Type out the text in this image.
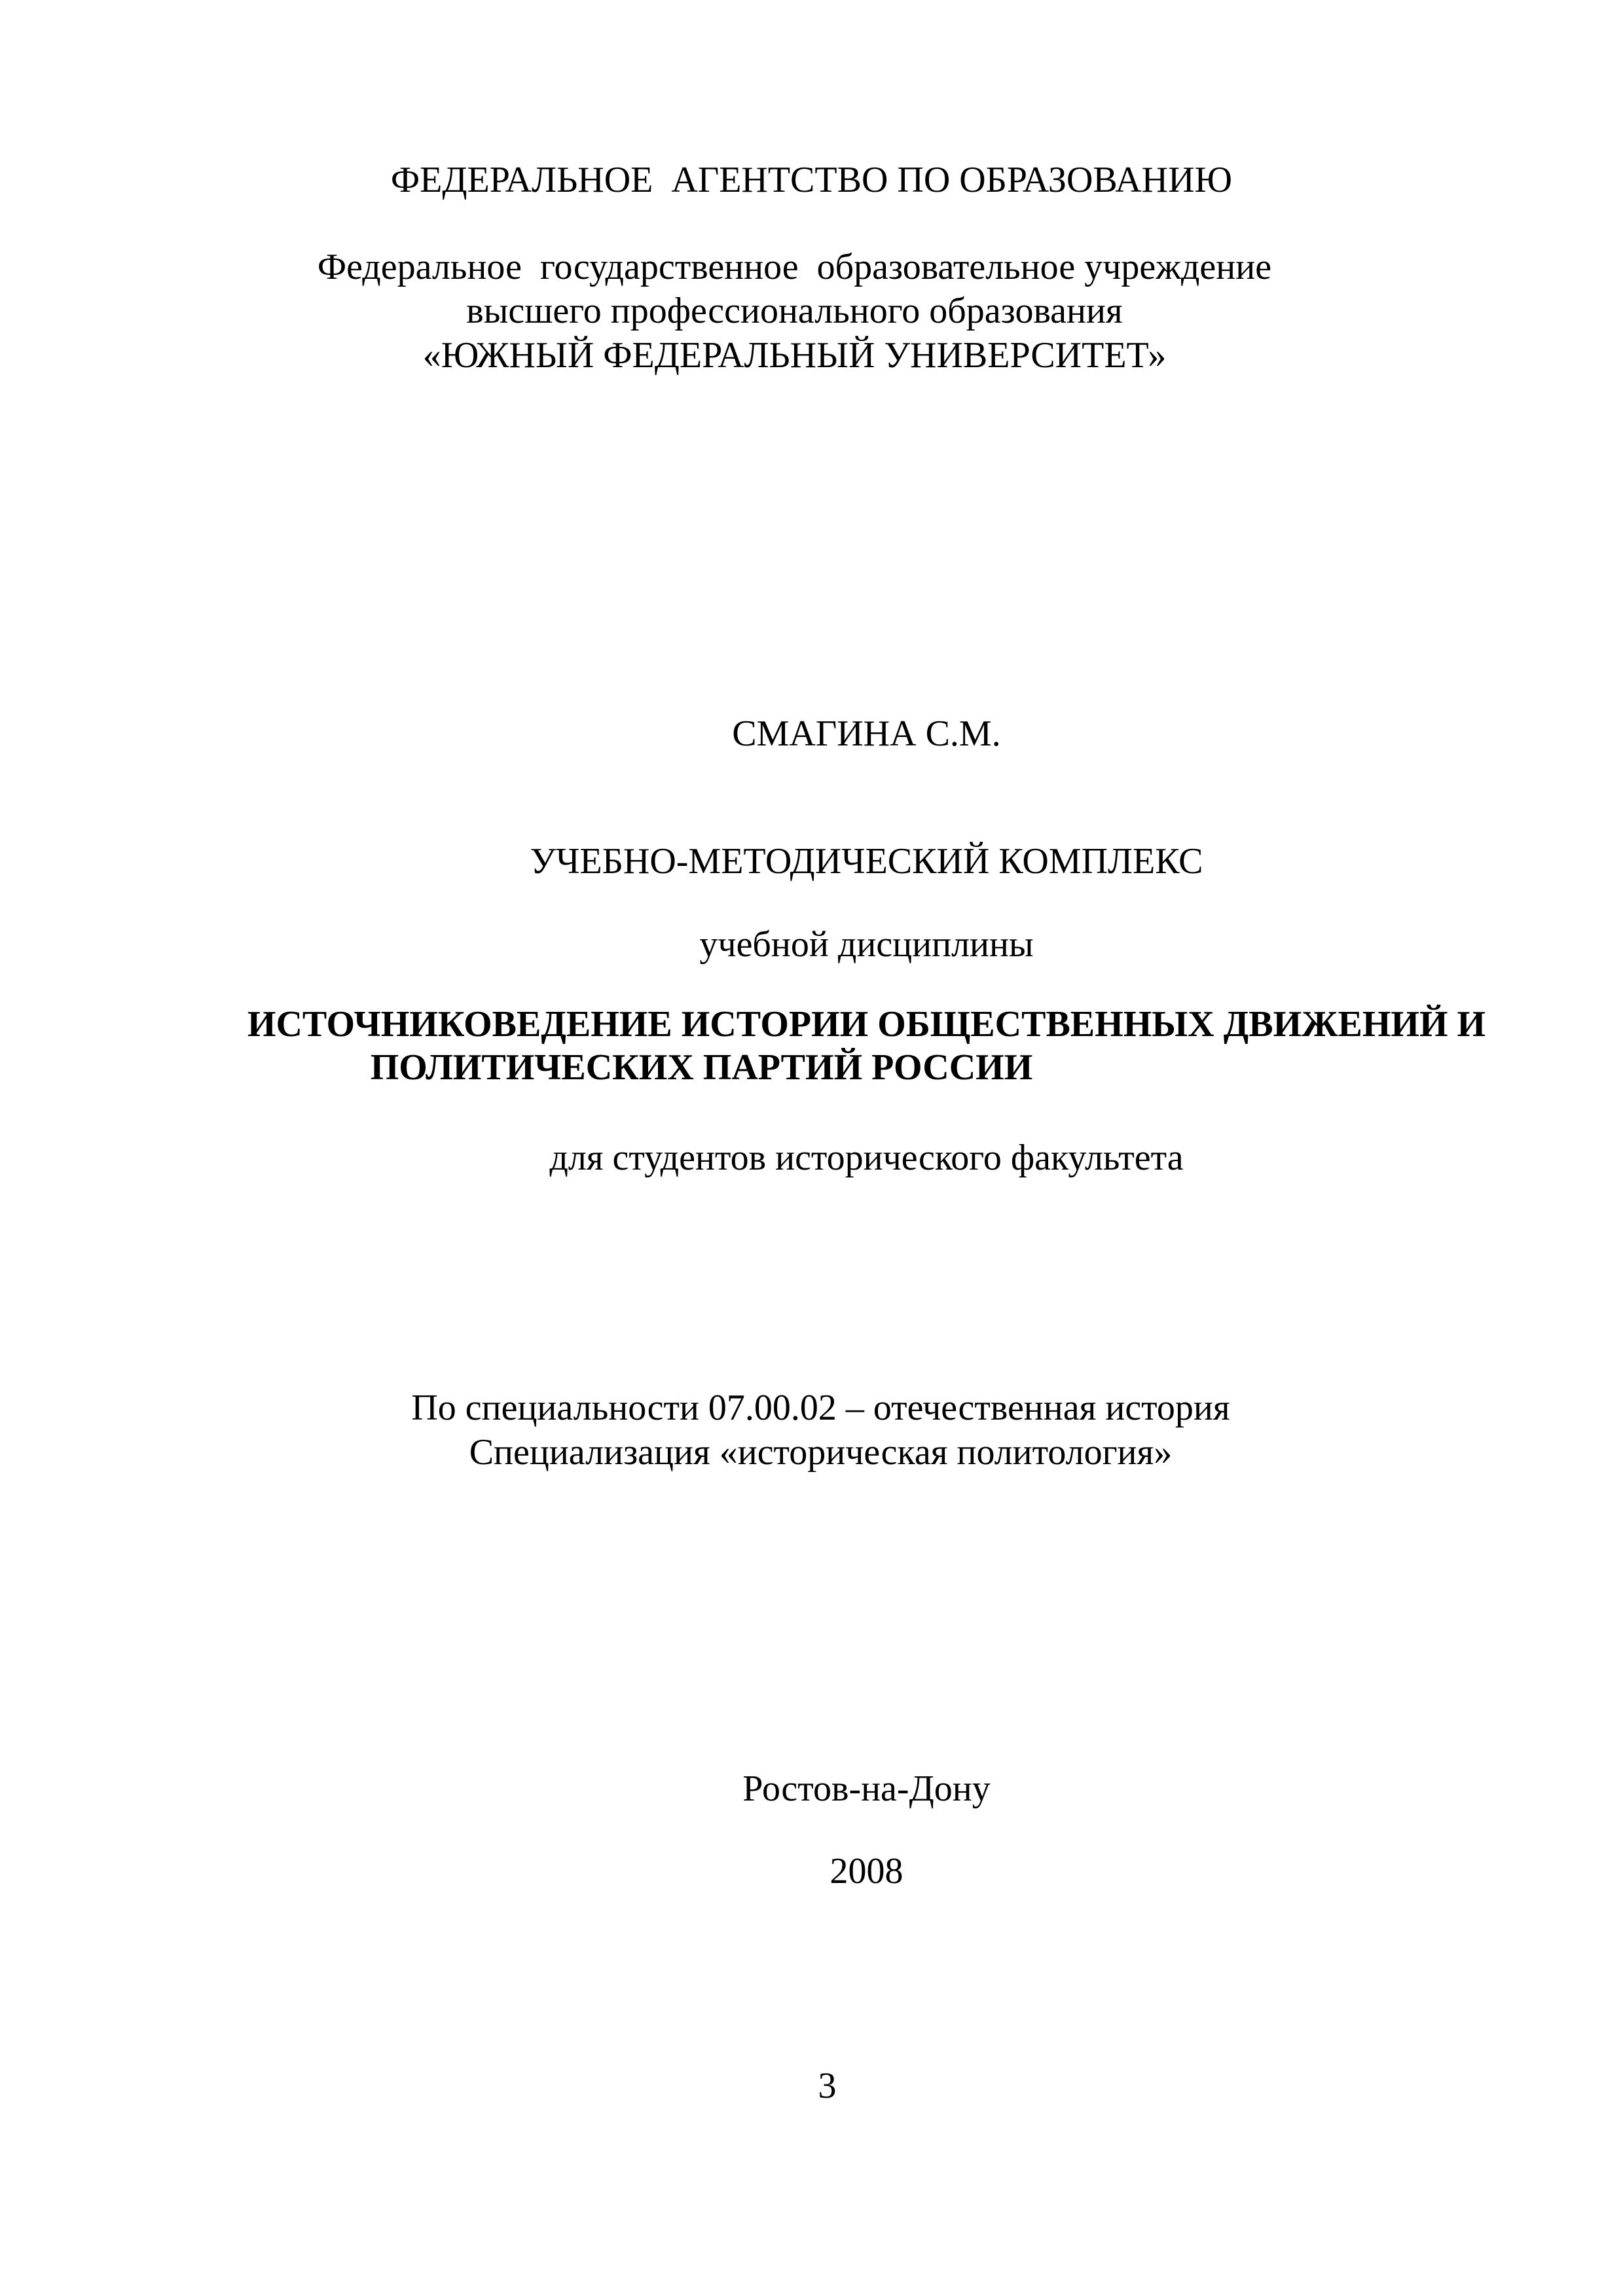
ФЕДЕРАЛЬНОЕ  АГЕНТСТВО ПО ОБРАЗОВАНИЮ
Федеральное  государственное  образовательное учреждение
высшего профессионального образования
«ЮЖНЫЙ ФЕДЕРАЛЬНЫЙ УНИВЕРСИТЕТ»
СМАГИНА С.М.
УЧЕБНО-МЕТОДИЧЕСКИЙ КОМПЛЕКС
учебной дисциплины
ИСТОЧНИКОВЕДЕНИЕ ИСТОРИИ ОБЩЕСТВЕННЫХ ДВИЖЕНИЙ И
ПОЛИТИЧЕСКИХ ПАРТИЙ РОССИИ
для студентов исторического факультета
По специальности 07.00.02 – отечественная история
Специализация «историческая политология»
Ростов-на-Дону
2008
3
